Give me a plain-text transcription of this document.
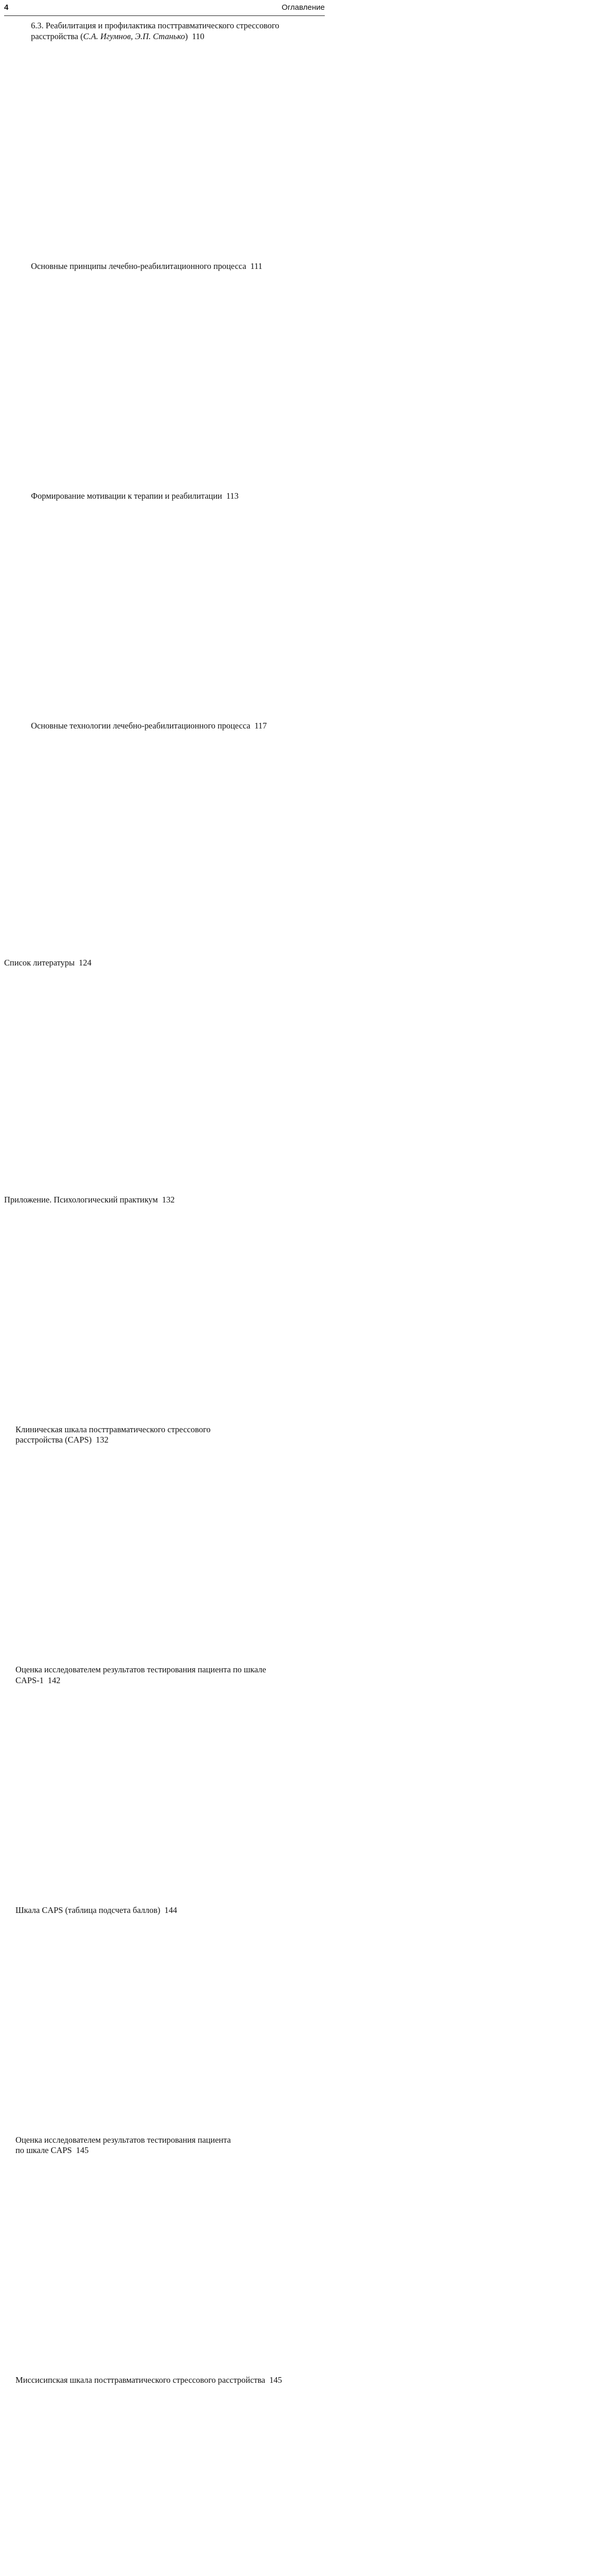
4	Оглавление
6.3. Реабилитация и профилактика посттравматического стрессового
расстройства (С.А. Игумнов, Э.П. Станько) 110
Основные принципы лечебно-реабилитационного процесса 111
Формирование мотивации к терапии и реабилитации 113
Основные технологии лечебно-реабилитационного процесса 117
Список литературы 124
Приложение. Психологический практикум 132
Клиническая шкала посттравматического стрессового
расстройства (CAPS) 132
Оценка исследователем результатов тестирования пациента по шкале
CAPS-1 142
Шкала CAPS (таблица подсчета баллов) 144
Оценка исследователем результатов тестирования пациента
по шкале CAPS 145
Миссисипская шкала посттравматического стрессового расстройства 145
